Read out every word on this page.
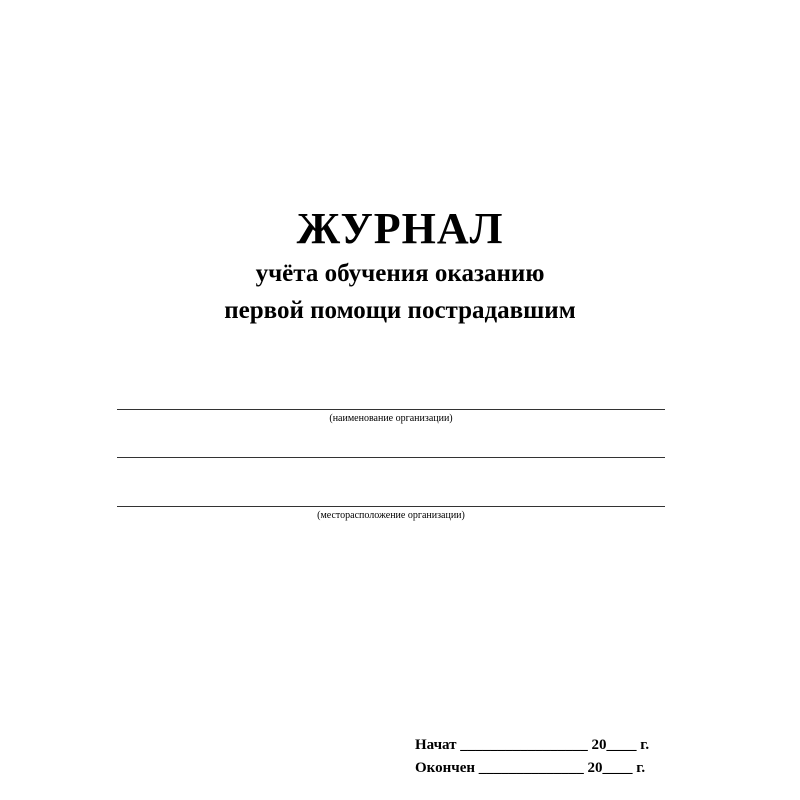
ЖУРНАЛ
учёта обучения оказанию
первой помощи пострадавшим
(наименование организации)
(месторасположение организации)
Начат _________________ 20____ г.
Окончен ______________ 20____ г.
